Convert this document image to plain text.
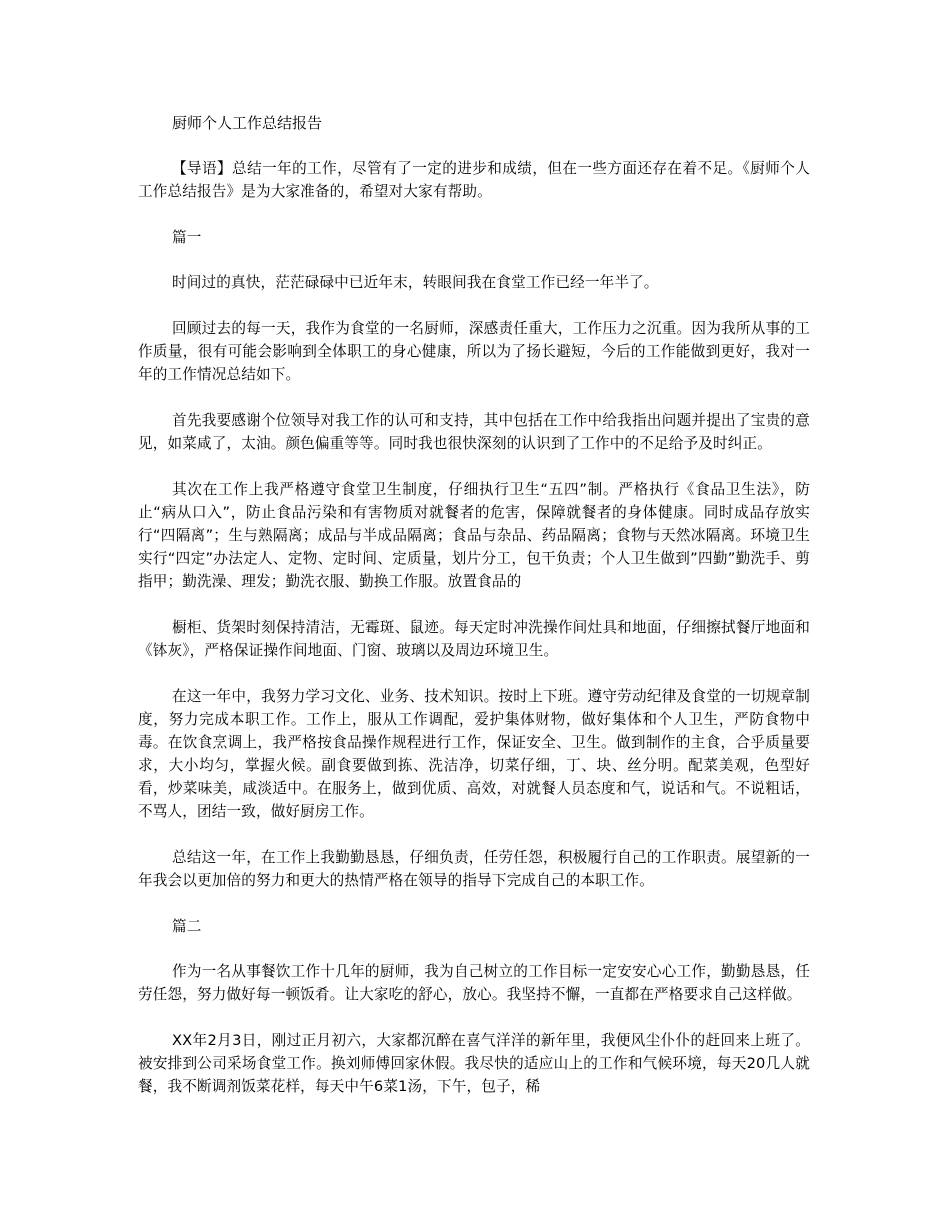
厨师个人工作总结报告

【导语】总结一年的工作，尽管有了一定的进步和成绩，但在一些方面还存在着不足。《厨师个人工作总结报告》是为大家准备的，希望对大家有帮助。

篇一

时间过的真快，茫茫碌碌中已近年末，转眼间我在食堂工作已经一年半了。

回顾过去的每一天，我作为食堂的一名厨师，深感责任重大，工作压力之沉重。因为我所从事的工作质量，很有可能会影响到全体职工的身心健康，所以为了扬长避短，今后的工作能做到更好，我对一年的工作情况总结如下。

首先我要感谢个位领导对我工作的认可和支持，其中包括在工作中给我指出问题并提出了宝贵的意见，如菜咸了，太油。颜色偏重等等。同时我也很快深刻的认识到了工作中的不足给予及时纠正。

其次在工作上我严格遵守食堂卫生制度，仔细执行卫生“五四”制。严格执行《食品卫生法》，防止“病从口入”，防止食品污染和有害物质对就餐者的危害，保障就餐者的身体健康。同时成品存放实行“四隔离”；生与熟隔离；成品与半成品隔离；食品与杂品、药品隔离；食物与天然冰隔离。环境卫生实行“四定”办法定人、定物、定时间、定质量，划片分工，包干负责；个人卫生做到”四勤”勤洗手、剪指甲；勤洗澡、理发；勤洗衣服、勤换工作服。放置食品的

橱柜、货架时刻保持清洁，无霉斑、鼠迹。每天定时冲洗操作间灶具和地面，仔细擦拭餐厅地面和《钵灰》，严格保证操作间地面、门窗、玻璃以及周边环境卫生。

在这一年中，我努力学习文化、业务、技术知识。按时上下班。遵守劳动纪律及食堂的一切规章制度，努力完成本职工作。工作上，服从工作调配，爱护集体财物，做好集体和个人卫生，严防食物中毒。在饮食烹调上，我严格按食品操作规程进行工作，保证安全、卫生。做到制作的主食，合乎质量要求，大小均匀，掌握火候。副食要做到拣、洗洁净，切菜仔细，丁、块、丝分明。配菜美观，色型好看，炒菜味美，咸淡适中。在服务上，做到优质、高效，对就餐人员态度和气，说话和气。不说粗话，不骂人，团结一致，做好厨房工作。

总结这一年，在工作上我勤勤恳恳，仔细负责，任劳任怨，积极履行自己的工作职责。展望新的一年我会以更加倍的努力和更大的热情严格在领导的指导下完成自己的本职工作。

篇二

作为一名从事餐饮工作十几年的厨师，我为自己树立的工作目标一定安安心心工作，勤勤恳恳，任劳任怨，努力做好每一顿饭肴。让大家吃的舒心，放心。我坚持不懈，一直都在严格要求自己这样做。

XX年2月3日，刚过正月初六，大家都沉醉在喜气洋洋的新年里，我便风尘仆仆的赶回来上班了。被安排到公司采场食堂工作。换刘师傅回家休假。我尽快的适应山上的工作和气候环境，每天20几人就餐，我不断调剂饭菜花样，每天中午6菜1汤，下午，包子，稀
